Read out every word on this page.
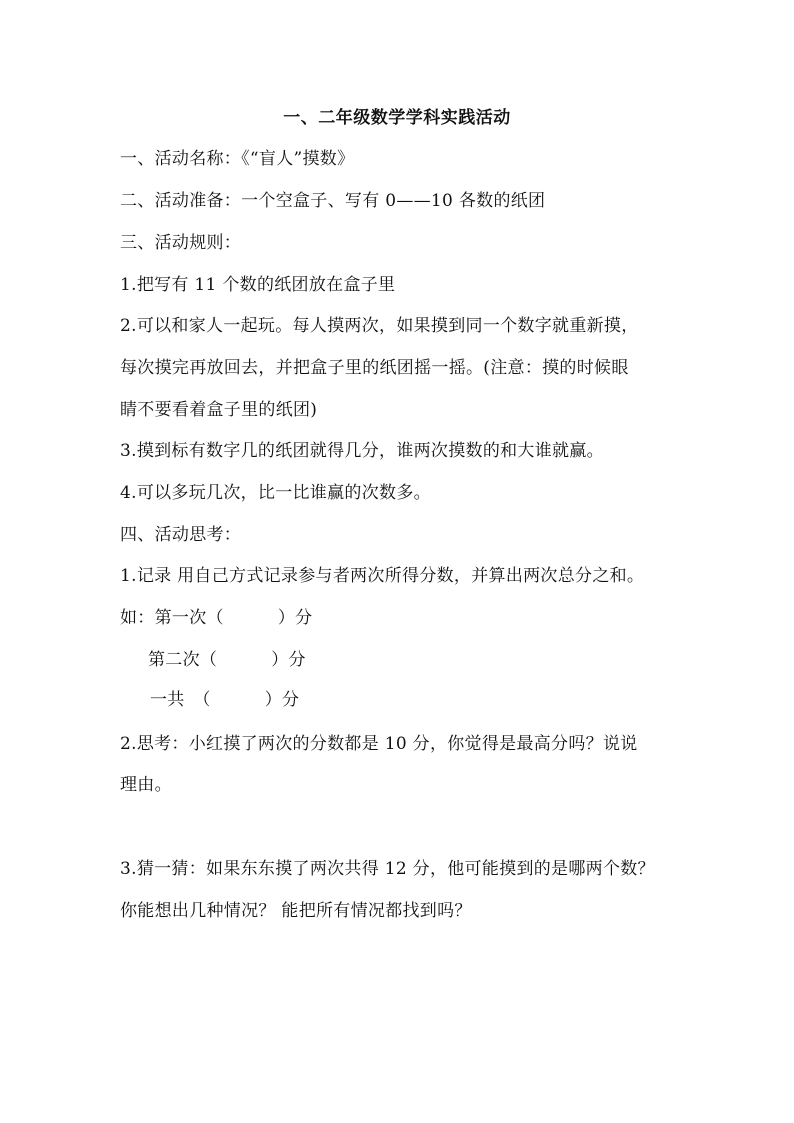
一、二年级数学学科实践活动
一、活动名称：《“盲人”摸数》
二、活动准备：一个空盒子、写有 0——10 各数的纸团
三、活动规则：
1.把写有 11 个数的纸团放在盒子里
2.可以和家人一起玩。每人摸两次，如果摸到同一个数字就重新摸，
每次摸完再放回去，并把盒子里的纸团摇一摇。(注意：摸的时候眼
睛不要看着盒子里的纸团)
3.摸到标有数字几的纸团就得几分，谁两次摸数的和大谁就赢。
4.可以多玩几次，比一比谁赢的次数多。
四、活动思考：
1.记录 用自己方式记录参与者两次所得分数，并算出两次总分之和。
如：第一次（	）分
第二次（	）分
一共　（	）分
2.思考：小红摸了两次的分数都是 10 分，你觉得是最高分吗？说说
理由。
3.猜一猜：如果东东摸了两次共得 12 分，他可能摸到的是哪两个数？
你能想出几种情况？ 能把所有情况都找到吗？
